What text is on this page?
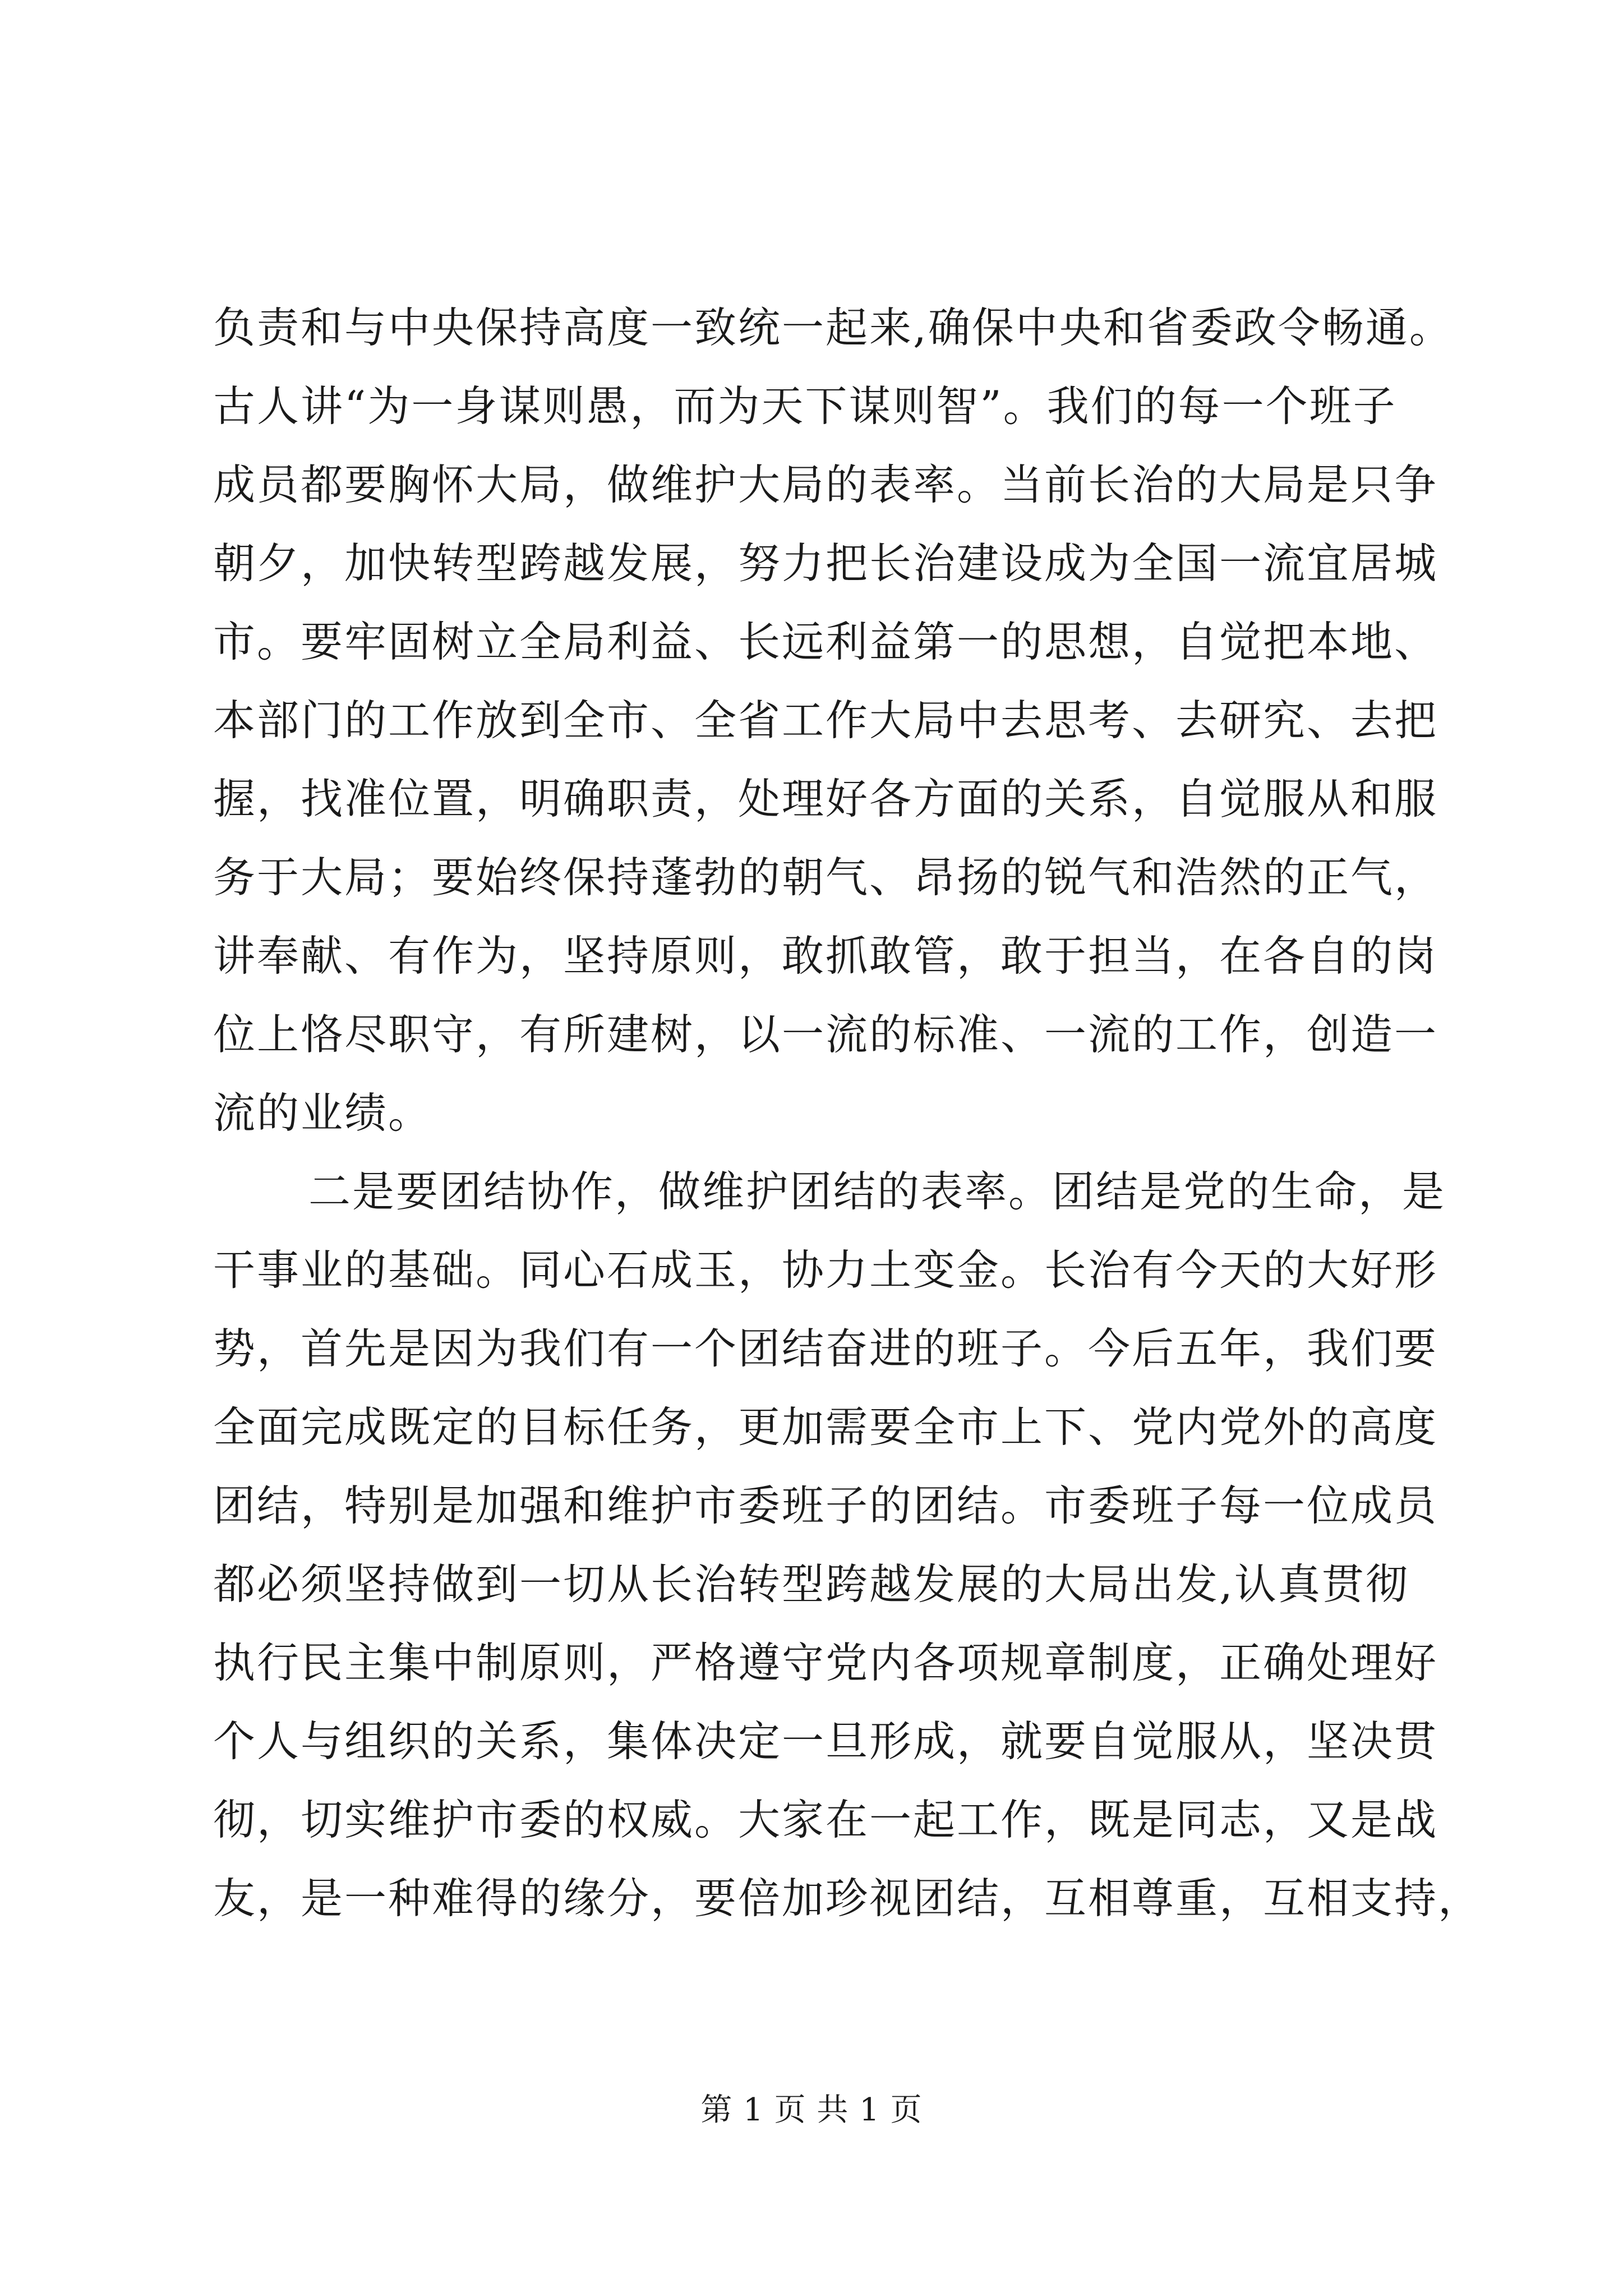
负责和与中央保持高度一致统一起来,确保中央和省委政令畅通。
古人讲“为一身谋则愚，而为天下谋则智”。我们的每一个班子
成员都要胸怀大局，做维护大局的表率。当前长治的大局是只争
朝夕，加快转型跨越发展，努力把长治建设成为全国一流宜居城
市。要牢固树立全局利益、长远利益第一的思想，自觉把本地、
本部门的工作放到全市、全省工作大局中去思考、去研究、去把
握，找准位置，明确职责，处理好各方面的关系，自觉服从和服
务于大局；要始终保持蓬勃的朝气、昂扬的锐气和浩然的正气，
讲奉献、有作为，坚持原则，敢抓敢管，敢于担当，在各自的岗
位上恪尽职守，有所建树，以一流的标准、一流的工作，创造一
流的业绩。
二是要团结协作，做维护团结的表率。团结是党的生命，是
干事业的基础。同心石成玉，协力土变金。长治有今天的大好形
势，首先是因为我们有一个团结奋进的班子。今后五年，我们要
全面完成既定的目标任务，更加需要全市上下、党内党外的高度
团结，特别是加强和维护市委班子的团结。市委班子每一位成员
都必须坚持做到一切从长治转型跨越发展的大局出发,认真贯彻
执行民主集中制原则，严格遵守党内各项规章制度，正确处理好
个人与组织的关系，集体决定一旦形成，就要自觉服从，坚决贯
彻，切实维护市委的权威。大家在一起工作，既是同志，又是战
友，是一种难得的缘分，要倍加珍视团结，互相尊重，互相支持，
第 1 页 共 1 页
